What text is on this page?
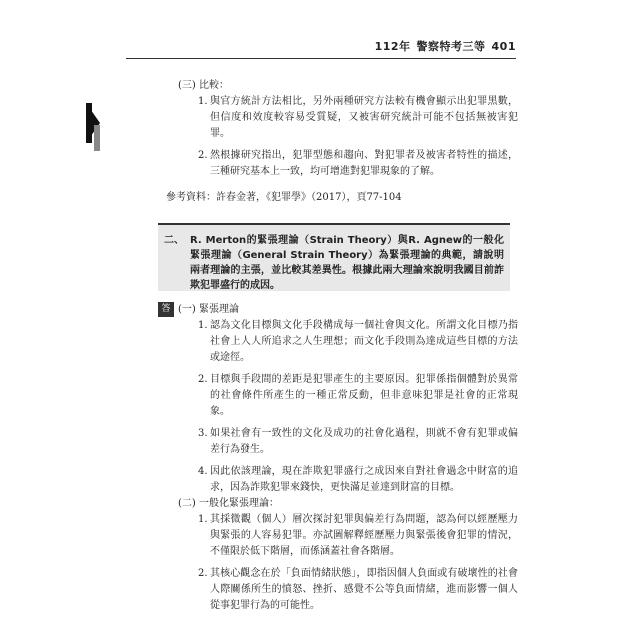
112年 警察特考三等 401
(三) 比較：
1. 與官方統計方法相比，另外兩種研究方法較有機會顯示出犯罪黑數，但信度和效度較容易受質疑，又被害研究統計可能不包括無被害犯罪。
2. 然根據研究指出，犯罪型態和趨向、對犯罪者及被害者特性的描述，三種研究基本上一致，均可增進對犯罪現象的了解。
參考資料：許春金著，《犯罪學》（2017），頁77-104
二、 R. Merton的緊張理論（Strain Theory）與R. Agnew的一般化緊張理論（General Strain Theory）為緊張理論的典範，請說明兩者理論的主張，並比較其差異性。根據此兩大理論來說明我國目前詐欺犯罪盛行的成因。
答 (一) 緊張理論
1. 認為文化目標與文化手段構成每一個社會與文化。所謂文化目標乃指社會上人人所追求之人生理想；而文化手段則為達成這些目標的方法或途徑。
2. 目標與手段間的差距是犯罪產生的主要原因。犯罪係指個體對於異常的社會條件所產生的一種正常反動，但非意味犯罪是社會的正常現象。
3. 如果社會有一致性的文化及成功的社會化過程，則就不會有犯罪或偏差行為發生。
4. 因此依該理論，現在詐欺犯罪盛行之成因來自對社會過念中財富的追求，因為詐欺犯罪來錢快，更快滿足並達到財富的目標。
(二) 一般化緊張理論：
1. 其採微觀（個人）層次探討犯罪與偏差行為問題，認為何以經歷壓力與緊張的人容易犯罪。亦試圖解釋經歷壓力與緊張後會犯罪的情況，不僅限於低下階層，而係涵蓋社會各階層。
2. 其核心觀念在於「負面情緒狀態」，即指因個人負面或有破壞性的社會人際關係所生的憤怒、挫折、感覺不公等負面情緒，進而影響一個人從事犯罪行為的可能性。
